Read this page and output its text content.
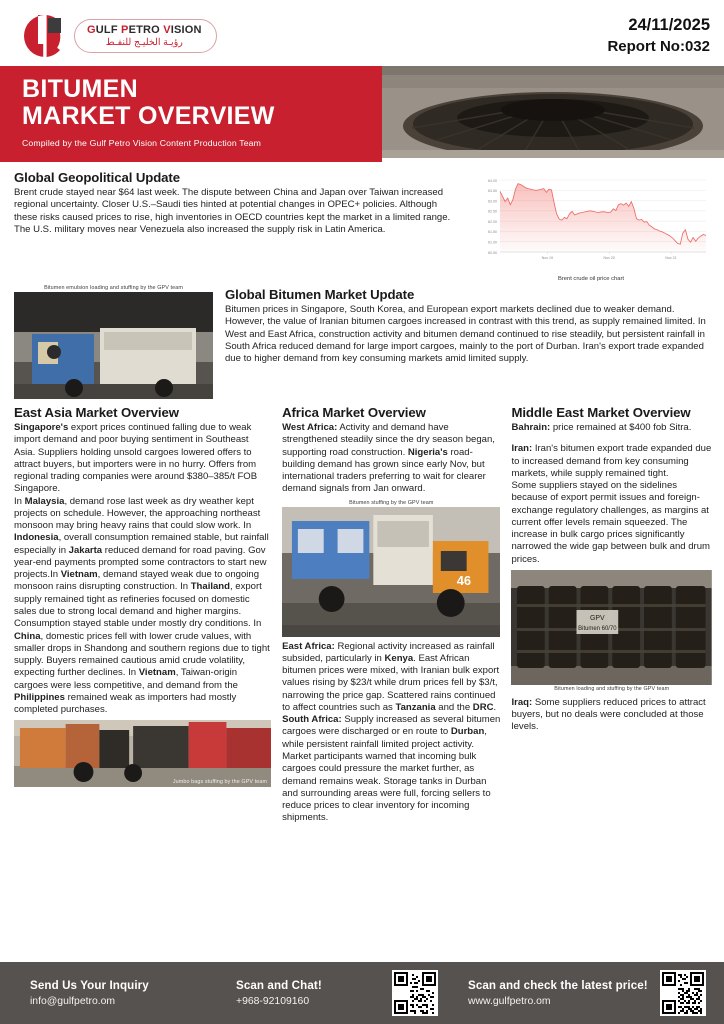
GULF PETRO VISION
رؤيـة الخليـج للنفـط
24/11/2025
Report No:032
BITUMEN
MARKET OVERVIEW
Compiled by the Gulf Petro Vision Content Production Team
Global Geopolitical Update

Brent crude stayed near $64 last week. The dispute between China and Japan over Taiwan increased regional uncertainty. Closer U.S.–Saudi ties hinted at potential changes in OPEC+ policies. Although these risks caused prices to rise, high inventories in OECD countries kept the market in a limited range. The U.S. military moves near Venezuela also increased the supply risk in Latin America.

64.00
63.50
63.00
62.50
62.00
61.50
61.00
60.50
Nov 19	Nov 20	Nov 21
Brent crude oil price chart
Bitumen emulsion loading and stuffing by the GPV team	Global Bitumen Market Update

Bitumen prices in Singapore, South Korea, and European export markets declined due to weaker demand. However, the value of Iranian bitumen cargoes increased in contrast with this trend, as supply remained limited. In West and East Africa, construction activity and bitumen demand continued to rise steadily, but persistent rainfall in South Africa reduced demand for large import cargoes, mainly to the port of Durban. Iran's export trade expanded due to higher demand from key consuming markets amid limited supply.

East Asia Market Overview

Singapore's export prices continued falling due to weak import demand and poor buying sentiment in Southeast Asia. Suppliers holding unsold cargoes lowered offers to attract buyers, but importers were in no hurry. Offers from regional trading companies were around $380–385/t FOB Singapore.
In Malaysia, demand rose last week as dry weather kept projects on schedule. However, the approaching northeast monsoon may bring heavy rains that could slow work. In Indonesia, overall consumption remained stable, but rainfall especially in Jakarta reduced demand for road paving. Gov year-end payments prompted some contractors to start new projects.In Vietnam, demand stayed weak due to ongoing monsoon rains disrupting construction. In Thailand, export supply remained tight as refineries focused on domestic sales due to strong local demand and higher margins. Consumption stayed stable under mostly dry conditions. In China, domestic prices fell with lower crude values, with smaller drops in Shandong and southern regions due to tight supply. Buyers remained cautious amid crude volatility, expecting further declines. In Vietnam, Taiwan-origin cargoes were less competitive, and demand from the Philippines remained weak as importers had mostly completed purchases.

Jumbo bags stuffing by the GPV team
Africa Market Overview

West Africa: Activity and demand have strengthened steadily since the dry season began, supporting road construction. Nigeria's road-building demand has grown since early Nov, but international traders preferring to wait for clearer demand signals from Jan onward.

Bitumen stuffing by the GPV team
46

East Africa: Regional activity increased as rainfall subsided, particularly in Kenya. East African bitumen prices were mixed, with Iranian bulk export values rising by $23/t while drum prices fell by $3/t, narrowing the price gap. Scattered rains continued to affect countries such as Tanzania and the DRC.

South Africa: Supply increased as several bitumen cargoes were discharged or en route to Durban, while persistent rainfall limited project activity. Market participants warned that incoming bulk cargoes could pressure the market further, as demand remains weak. Storage tanks in Durban and surrounding areas were full, forcing sellers to reduce prices to clear inventory for incoming shipments.

Middle East Market Overview

Bahrain: price remained at $400 fob Sitra.

Iran: Iran's bitumen export trade expanded due to increased demand from key consuming markets, while supply remained tight.
Some suppliers stayed on the sidelines because of export permit issues and foreign-exchange regulatory challenges, as margins at current offer levels remain squeezed. The increase in bulk cargo prices significantly narrowed the wide gap between bulk and drum prices.

GPV
Bitumen 60/70
Bitumen loading and stuffing by the GPV team

Iraq: Some suppliers reduced prices to attract buyers, but no deals were concluded at those levels.

Send Us Your Inquiry
info@gulfpetro.om
Scan and Chat!
+968-92109160
Scan and check the latest price!
www.gulfpetro.om
